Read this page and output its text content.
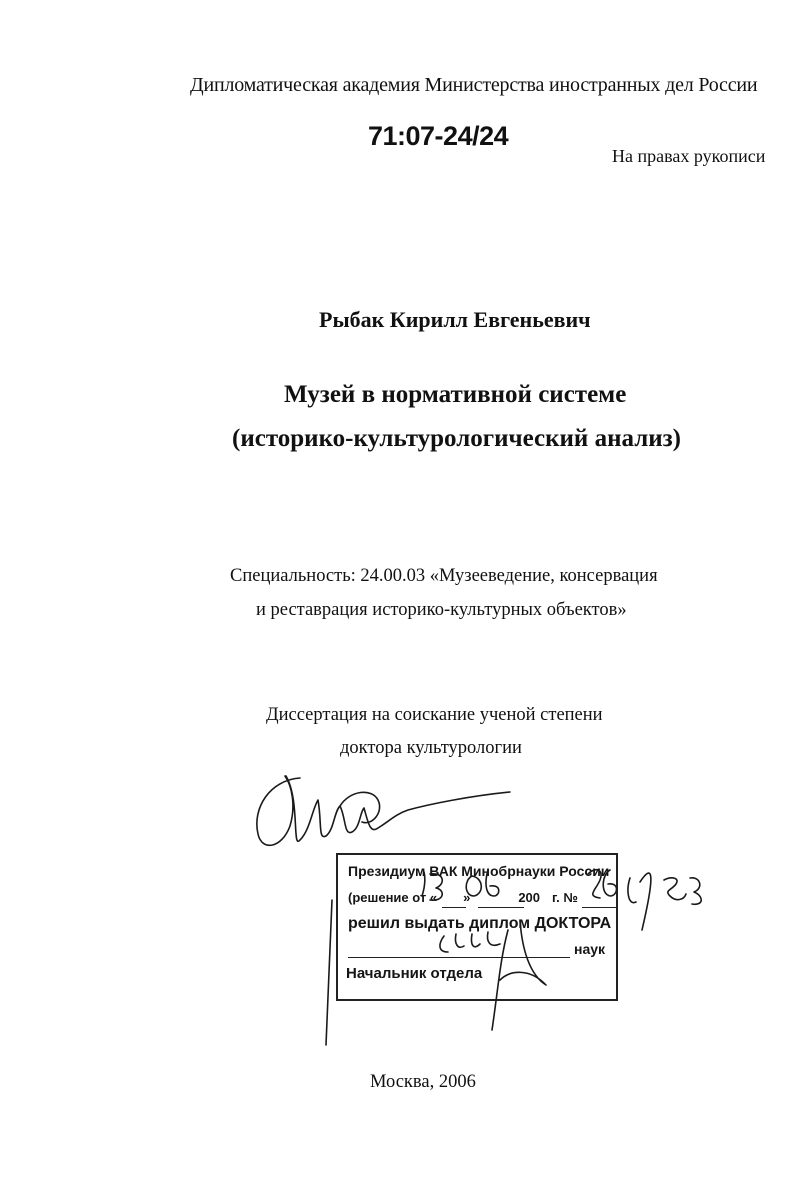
Дипломатическая академия Министерства иностранных дел России
71:07-24/24
На правах рукописи
Рыбак Кирилл Евгеньевич
Музей в нормативной системе
(историко-культурологический анализ)
Специальность: 24.00.03 «Музееведение, консервация
и реставрация историко-культурных объектов»
Диссертация на соискание ученой степени
доктора культурологии
Президиум ВАК Минобрнауки России
(решение от « »	200 г. №
решил выдать диплом ДОКТОРА
наук
Начальник отдела
Москва, 2006
